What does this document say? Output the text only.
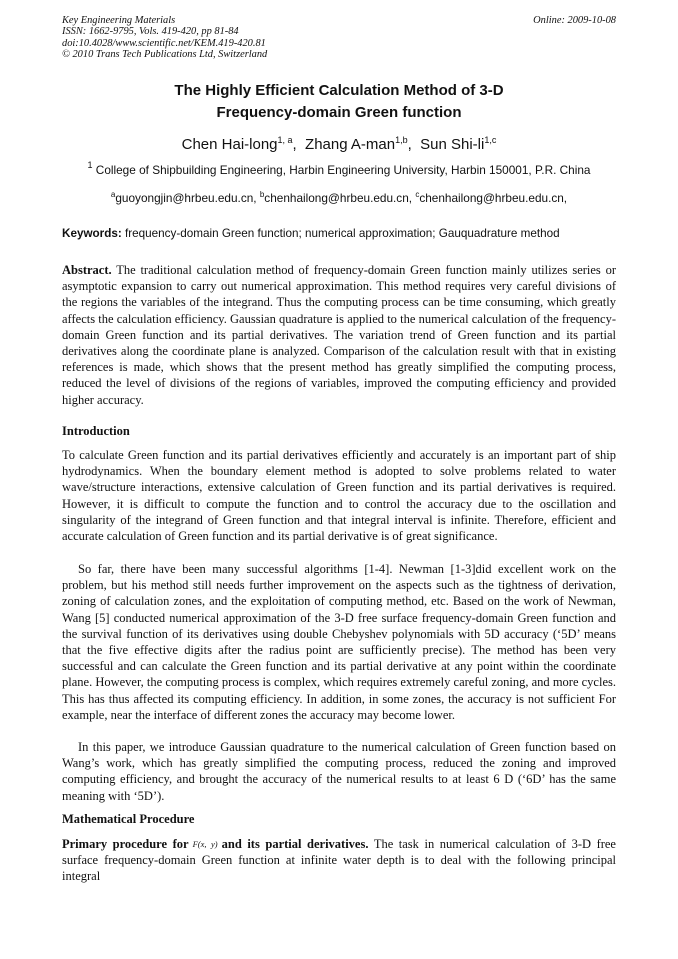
Key Engineering Materials
ISSN: 1662-9795, Vols. 419-420, pp 81-84
doi:10.4028/www.scientific.net/KEM.419-420.81
© 2010 Trans Tech Publications Ltd, Switzerland
Online: 2009-10-08
The Highly Efficient Calculation Method of 3-D
Frequency-domain Green function
Chen Hai-long$^{1, a}$,  Zhang A-man$^{1,b}$,  Sun Shi-li$^{1,c}$
$^1$ College of Shipbuilding Engineering, Harbin Engineering University, Harbin 150001, P.R. China
$^a$guoyongjin@hrbeu.edu.cn, $^b$chenhailong@hrbeu.edu.cn, $^c$chenhailong@hrbeu.edu.cn,
Keywords: frequency-domain Green function; numerical approximation; Gauquadrature method
Abstract. The traditional calculation method of frequency-domain Green function mainly utilizes series or asymptotic expansion to carry out numerical approximation. This method requires very careful divisions of the regions the variables of the integrand. Thus the computing process can be time consuming, which greatly affects the calculation efficiency. Gaussian quadrature is applied to the numerical calculation of the frequency-domain Green function and its partial derivatives. The variation trend of Green function and its partial derivatives along the coordinate plane is analyzed. Comparison of the calculation result with that in existing references is made, which shows that the present method has greatly simplified the computing process, reduced the level of divisions of the regions of variables, improved the computing efficiency and provided higher accuracy.
Introduction
To calculate Green function and its partial derivatives efficiently and accurately is an important part of ship hydrodynamics. When the boundary element method is adopted to solve problems related to water wave/structure interactions, extensive calculation of Green function and its partial derivatives is required. However, it is difficult to compute the function and to control the accuracy due to the oscillation and singularity of the integrand of Green function and that integral interval is infinite. Therefore, efficient and accurate calculation of Green function and its partial derivative is of great significance.
So far, there have been many successful algorithms [1-4]. Newman [1-3]did excellent work on the problem, but his method still needs further improvement on the aspects such as the tightness of derivation, zoning of calculation zones, and the exploitation of computing method, etc. Based on the work of Newman, Wang [5] conducted numerical approximation of the 3-D free surface frequency-domain Green function and the survival function of its derivatives using double Chebyshev polynomials with 5D accuracy (‘5D’ means that the five effective digits after the radius point are sufficiently precise). The method has been very successful and can calculate the Green function and its partial derivative at any point within the coordinate plane. However, the computing process is complex, which requires extremely careful zoning, and more cycles. This has thus affected its computing efficiency. In addition, in some zones, the accuracy is not sufficient For example, near the interface of different zones the accuracy may become lower.
In this paper, we introduce Gaussian quadrature to the numerical calculation of Green function based on Wang’s work, which has greatly simplified the computing process, reduced the zoning and improved computing efficiency, and brought the accuracy of the numerical results to at least 6 D (‘6D’ has the same meaning with ‘5D’).
Mathematical Procedure
Primary procedure for F(x, y) and its partial derivatives. The task in numerical calculation of 3-D free surface frequency-domain Green function at infinite water depth is to deal with the following principal integral
